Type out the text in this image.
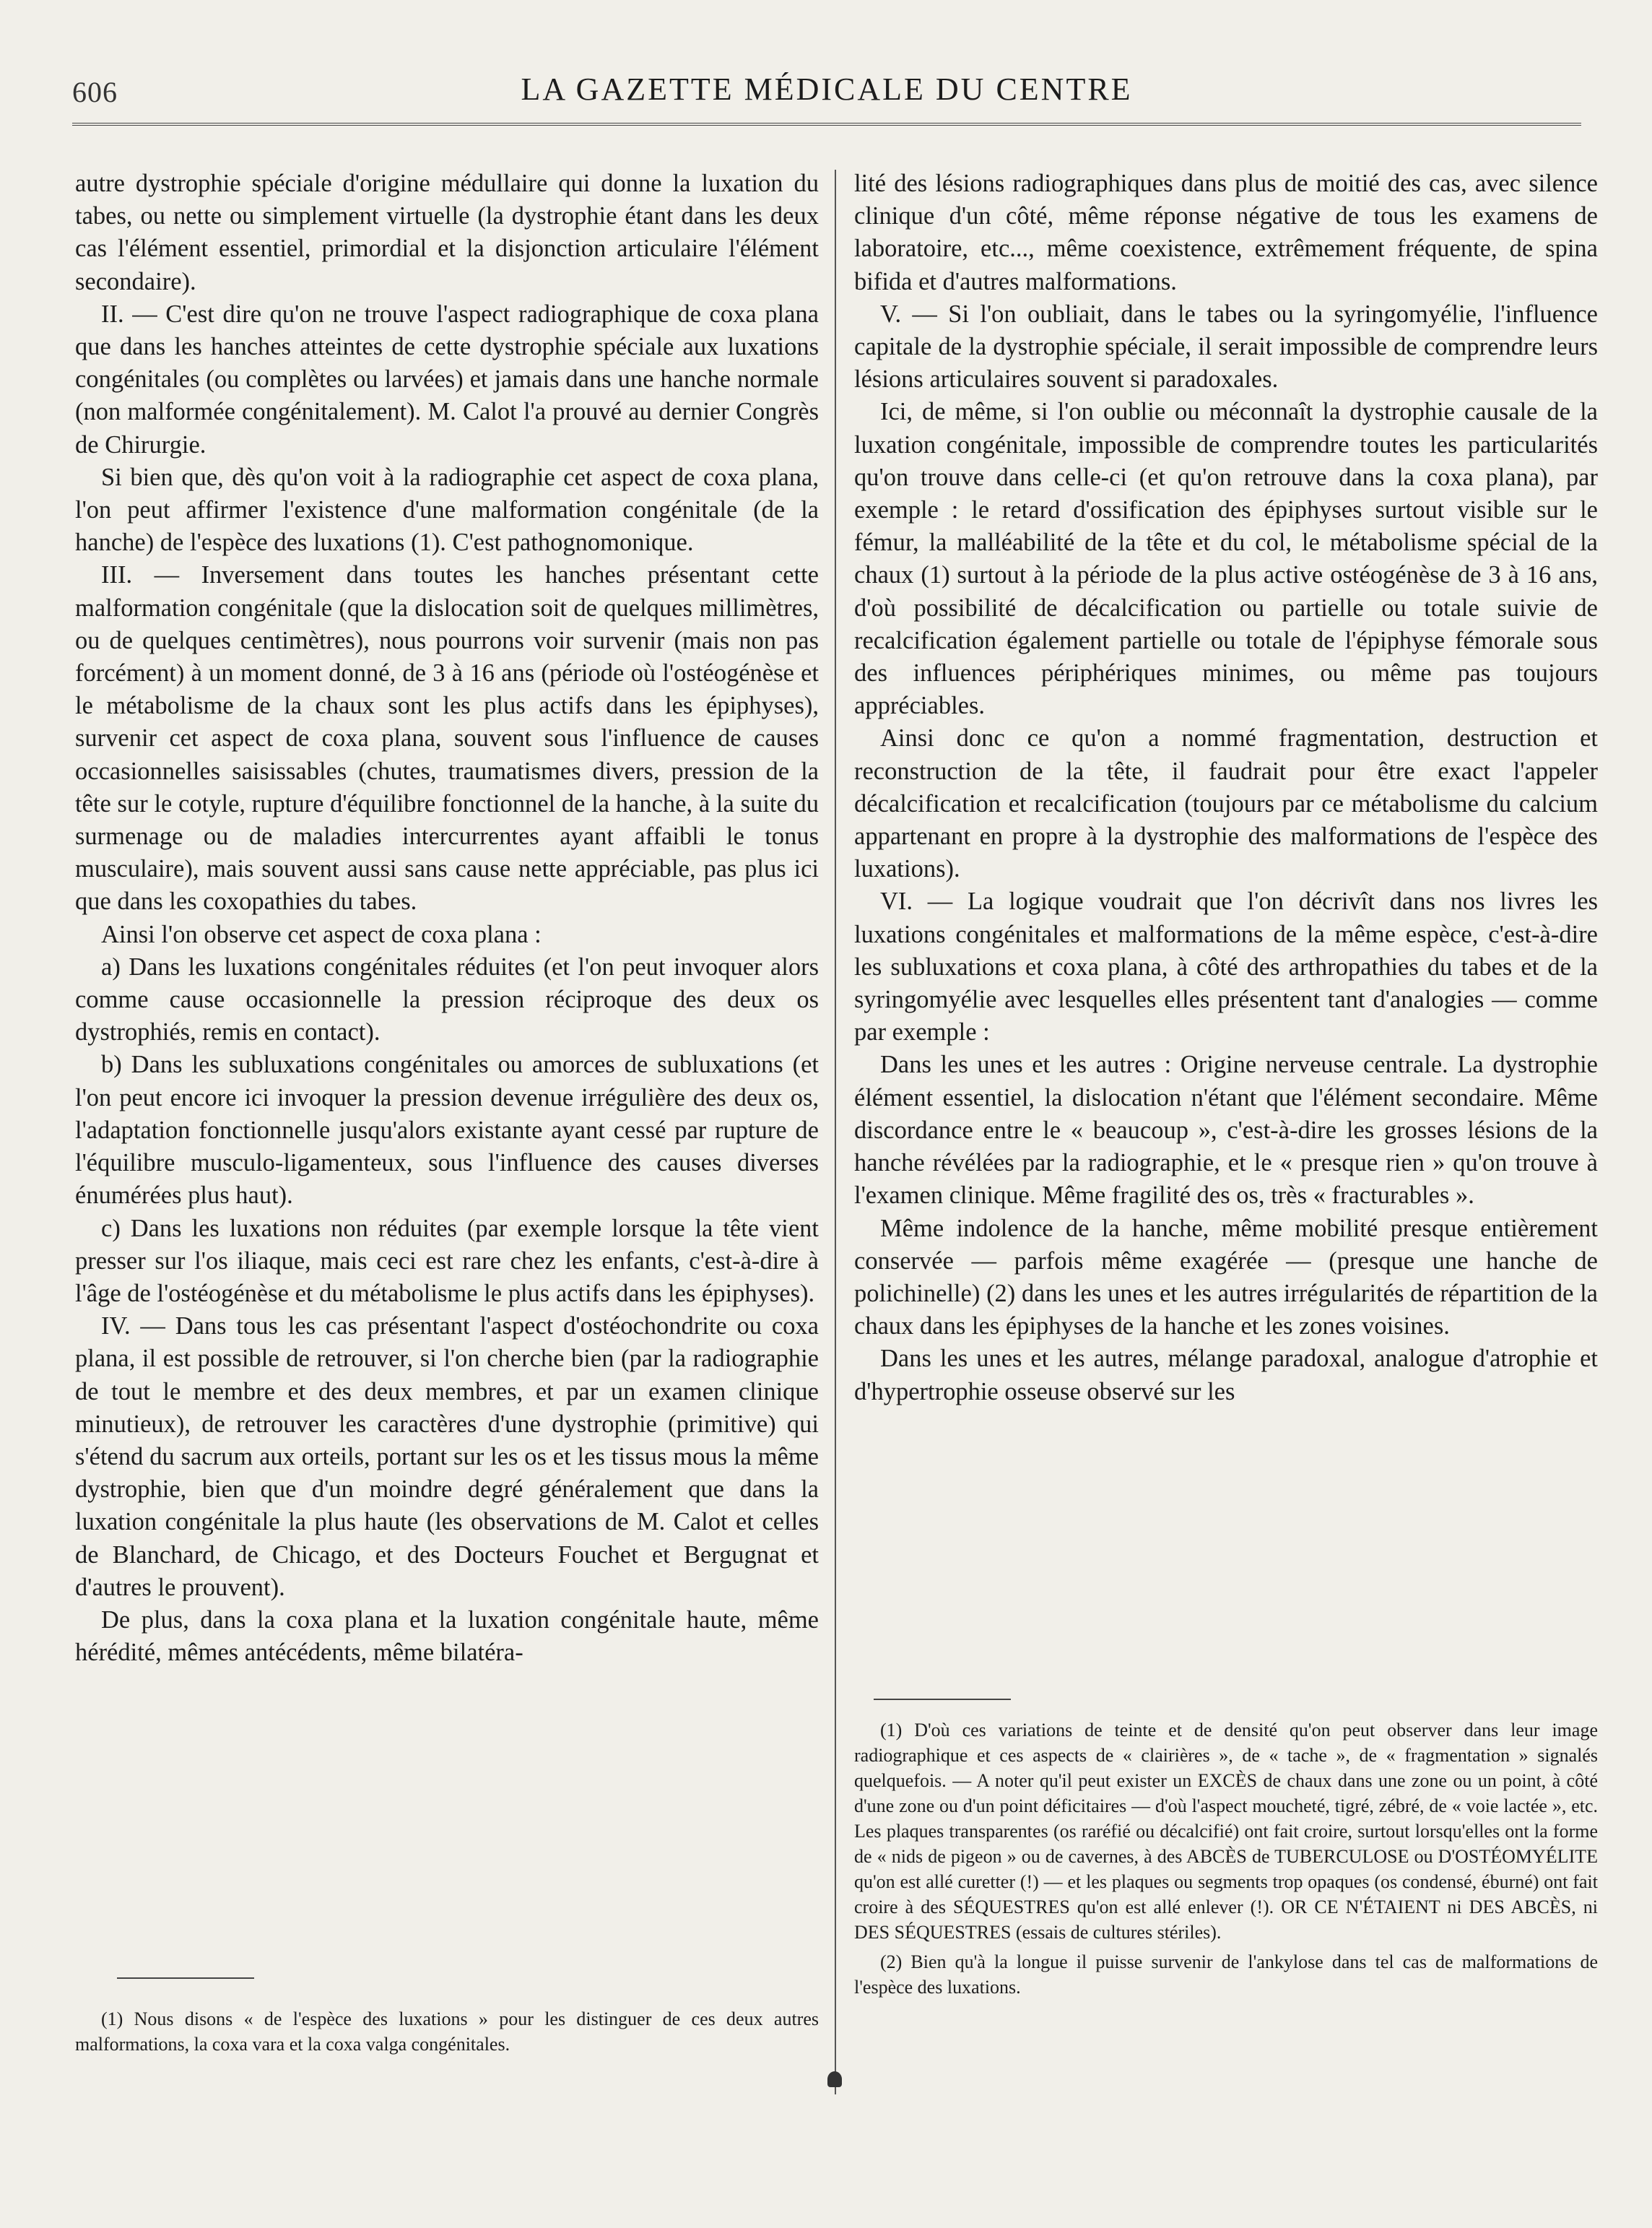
606	LA GAZETTE MÉDICALE DU CENTRE

autre dystrophie spéciale d'origine médullaire qui donne la luxation du tabes, ou nette ou simplement virtuelle (la dystrophie étant dans les deux cas l'élément essentiel, primordial et la disjonction articulaire l'élément secondaire).

II. — C'est dire qu'on ne trouve l'aspect radiographique de coxa plana que dans les hanches atteintes de cette dystrophie spéciale aux luxations congénitales (ou complètes ou larvées) et jamais dans une hanche normale (non malformée congénitalement). M. Calot l'a prouvé au dernier Congrès de Chirurgie.

Si bien que, dès qu'on voit à la radiographie cet aspect de coxa plana, l'on peut affirmer l'existence d'une malformation congénitale (de la hanche) de l'espèce des luxations (1). C'est pathognomonique.

III. — Inversement dans toutes les hanches présentant cette malformation congénitale (que la dislocation soit de quelques millimètres, ou de quelques centimètres), nous pourrons voir survenir (mais non pas forcément) à un moment donné, de 3 à 16 ans (période où l'ostéogénèse et le métabolisme de la chaux sont les plus actifs dans les épiphyses), survenir cet aspect de coxa plana, souvent sous l'influence de causes occasionnelles saisissables (chutes, traumatismes divers, pression de la tête sur le cotyle, rupture d'équilibre fonctionnel de la hanche, à la suite du surmenage ou de maladies intercurrentes ayant affaibli le tonus musculaire), mais souvent aussi sans cause nette appréciable, pas plus ici que dans les coxopathies du tabes.

Ainsi l'on observe cet aspect de coxa plana :

a) Dans les luxations congénitales réduites (et l'on peut invoquer alors comme cause occasionnelle la pression réciproque des deux os dystrophiés, remis en contact).

b) Dans les subluxations congénitales ou amorces de subluxations (et l'on peut encore ici invoquer la pression devenue irrégulière des deux os, l'adaptation fonctionnelle jusqu'alors existante ayant cessé par rupture de l'équilibre musculo-ligamenteux, sous l'influence des causes diverses énumérées plus haut).

c) Dans les luxations non réduites (par exemple lorsque la tête vient presser sur l'os iliaque, mais ceci est rare chez les enfants, c'est-à-dire à l'âge de l'ostéogénèse et du métabolisme le plus actifs dans les épiphyses).

IV. — Dans tous les cas présentant l'aspect d'ostéochondrite ou coxa plana, il est possible de retrouver, si l'on cherche bien (par la radiographie de tout le membre et des deux membres, et par un examen clinique minutieux), de retrouver les caractères d'une dystrophie (primitive) qui s'étend du sacrum aux orteils, portant sur les os et les tissus mous la même dystrophie, bien que d'un moindre degré généralement que dans la luxation congénitale la plus haute (les observations de M. Calot et celles de Blanchard, de Chicago, et des Docteurs Fouchet et Bergugnat et d'autres le prouvent).

De plus, dans la coxa plana et la luxation congénitale haute, même hérédité, mêmes antécédents, même bilatéra-

lité des lésions radiographiques dans plus de moitié des cas, avec silence clinique d'un côté, même réponse négative de tous les examens de laboratoire, etc..., même coexistence, extrêmement fréquente, de spina bifida et d'autres malformations.

V. — Si l'on oubliait, dans le tabes ou la syringomyélie, l'influence capitale de la dystrophie spéciale, il serait impossible de comprendre leurs lésions articulaires souvent si paradoxales.

Ici, de même, si l'on oublie ou méconnaît la dystrophie causale de la luxation congénitale, impossible de comprendre toutes les particularités qu'on trouve dans celle-ci (et qu'on retrouve dans la coxa plana), par exemple : le retard d'ossification des épiphyses surtout visible sur le fémur, la malléabilité de la tête et du col, le métabolisme spécial de la chaux (1) surtout à la période de la plus active ostéogénèse de 3 à 16 ans, d'où possibilité de décalcification ou partielle ou totale suivie de recalcification également partielle ou totale de l'épiphyse fémorale sous des influences périphériques minimes, ou même pas toujours appréciables.

Ainsi donc ce qu'on a nommé fragmentation, destruction et reconstruction de la tête, il faudrait pour être exact l'appeler décalcification et recalcification (toujours par ce métabolisme du calcium appartenant en propre à la dystrophie des malformations de l'espèce des luxations).

VI. — La logique voudrait que l'on décrivît dans nos livres les luxations congénitales et malformations de la même espèce, c'est-à-dire les subluxations et coxa plana, à côté des arthropathies du tabes et de la syringomyélie avec lesquelles elles présentent tant d'analogies — comme par exemple :

Dans les unes et les autres : Origine nerveuse centrale. La dystrophie élément essentiel, la dislocation n'étant que l'élément secondaire. Même discordance entre le « beaucoup », c'est-à-dire les grosses lésions de la hanche révélées par la radiographie, et le « presque rien » qu'on trouve à l'examen clinique. Même fragilité des os, très « fracturables ».

Même indolence de la hanche, même mobilité presque entièrement conservée — parfois même exagérée — (presque une hanche de polichinelle) (2) dans les unes et les autres irrégularités de répartition de la chaux dans les épiphyses de la hanche et les zones voisines.

Dans les unes et les autres, mélange paradoxal, analogue d'atrophie et d'hypertrophie osseuse observé sur les

(1) Nous disons « de l'espèce des luxations » pour les distinguer de ces deux autres malformations, la coxa vara et la coxa valga congénitales.

(1) D'où ces variations de teinte et de densité qu'on peut observer dans leur image radiographique et ces aspects de « clairières », de « tache », de « fragmentation » signalés quelquefois. — A noter qu'il peut exister un EXCÈS de chaux dans une zone ou un point, à côté d'une zone ou d'un point déficitaires — d'où l'aspect moucheté, tigré, zébré, de « voie lactée », etc. Les plaques transparentes (os raréfié ou décalcifié) ont fait croire, surtout lorsqu'elles ont la forme de « nids de pigeon » ou de cavernes, à des ABCÈS de TUBERCULOSE ou D'OSTÉOMYÉLITE qu'on est allé curetter (!) — et les plaques ou segments trop opaques (os condensé, éburné) ont fait croire à des SÉQUESTRES qu'on est allé enlever (!). OR CE N'ÉTAIENT ni DES ABCÈS, ni DES SÉQUESTRES (essais de cultures stériles).

(2) Bien qu'à la longue il puisse survenir de l'ankylose dans tel cas de malformations de l'espèce des luxations.
